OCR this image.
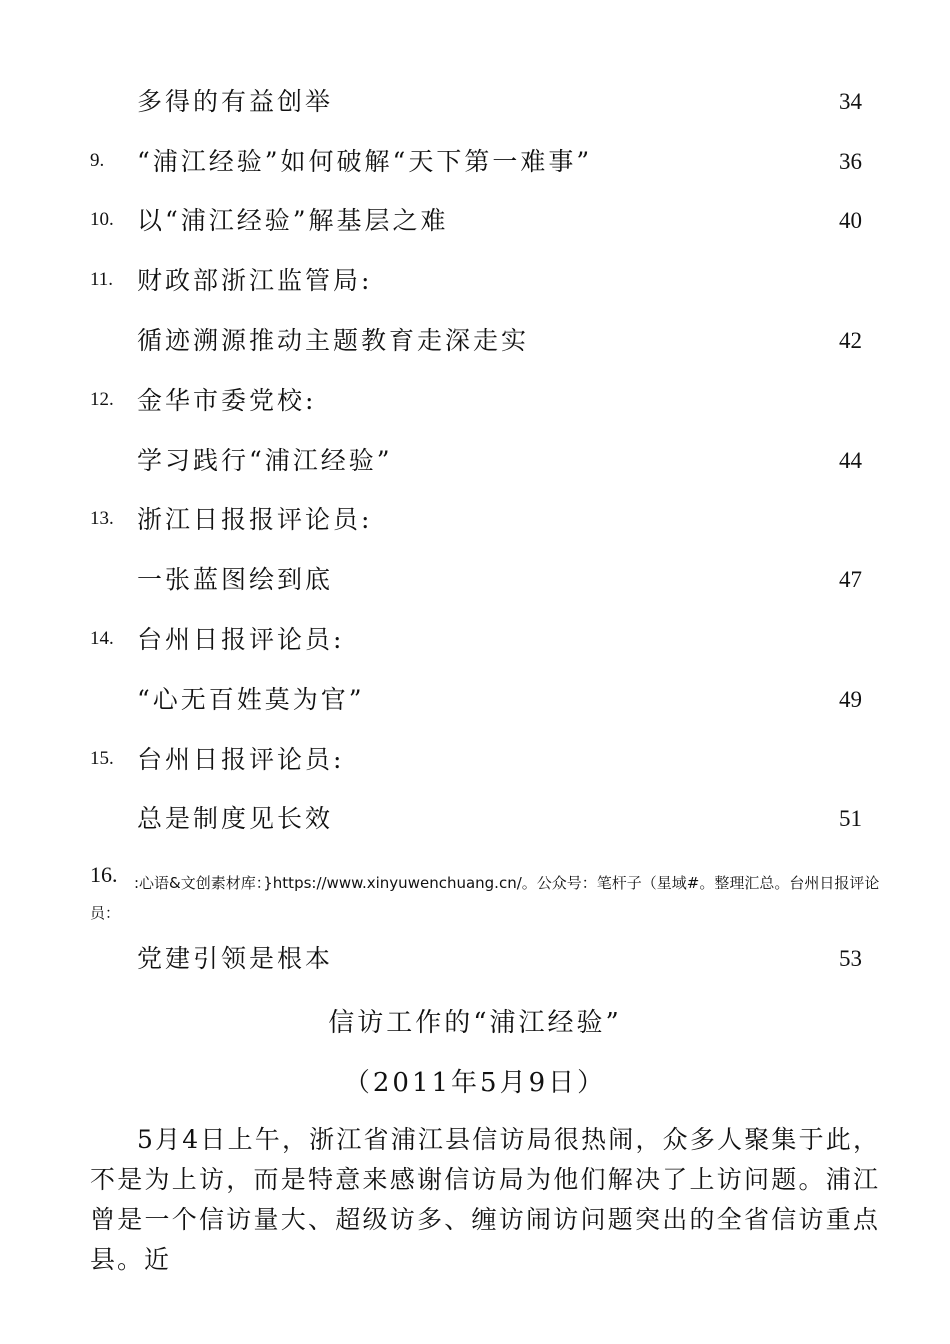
多得的有益创举	34
9. “浦江经验”如何破解“天下第一难事”	36
10. 以“浦江经验”解基层之难	40
11. 财政部浙江监管局:
循迹溯源推动主题教育走深走实	42
12. 金华市委党校:
学习践行“浦江经验”	44
13. 浙江日报报评论员:
一张蓝图绘到底	47
14. 台州日报评论员:
“心无百姓莫为官”	49
15. 台州日报评论员:
总是制度见长效	51
16.	:心语&文创素材库：}https://www.xinyuwenchuang.cn/。公众号：笔杆子（星域#。整理汇总。台州日报评论员：
党建引领是根本	53
信访工作的“浦江经验”
（2011年5月9日）
5月4日上午，浙江省浦江县信访局很热闹，众多人聚集于此，不是为上访，而是特意来感谢信访局为他们解决了上访问题。浦江曾是一个信访量大、超级访多、缠访闹访问题突出的全省信访重点县。近
